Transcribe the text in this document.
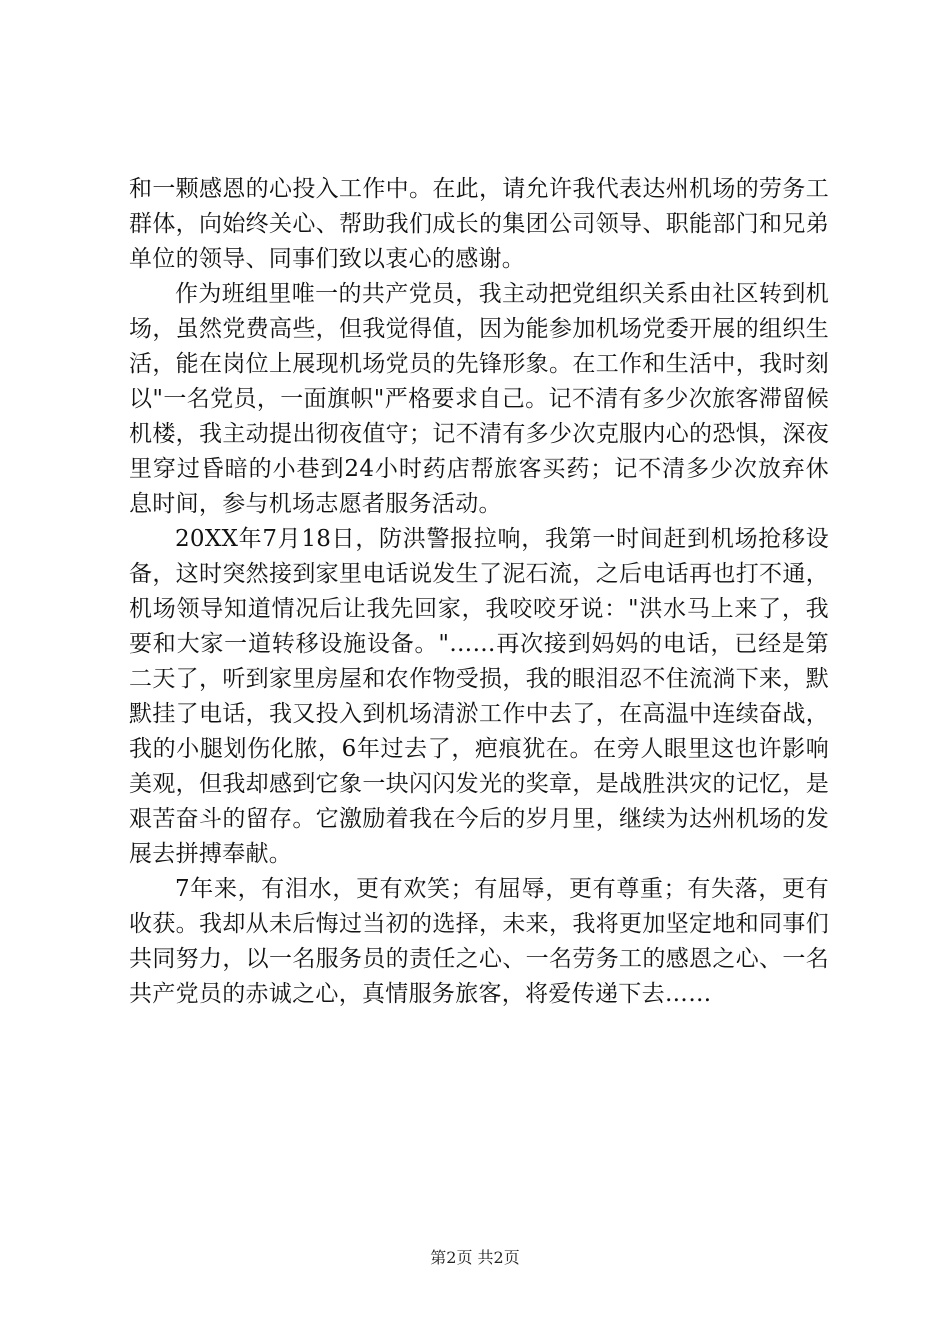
和一颗感恩的心投入工作中。在此，请允许我代表达州机场的劳务工群体，向始终关心、帮助我们成长的集团公司领导、职能部门和兄弟单位的领导、同事们致以衷心的感谢。

作为班组里唯一的共产党员，我主动把党组织关系由社区转到机场，虽然党费高些，但我觉得值，因为能参加机场党委开展的组织生活，能在岗位上展现机场党员的先锋形象。在工作和生活中，我时刻以"一名党员，一面旗帜"严格要求自己。记不清有多少次旅客滞留候机楼，我主动提出彻夜值守；记不清有多少次克服内心的恐惧，深夜里穿过昏暗的小巷到24小时药店帮旅客买药；记不清多少次放弃休息时间，参与机场志愿者服务活动。

20XX年7月18日，防洪警报拉响，我第一时间赶到机场抢移设备，这时突然接到家里电话说发生了泥石流，之后电话再也打不通，机场领导知道情况后让我先回家，我咬咬牙说："洪水马上来了，我要和大家一道转移设施设备。"……再次接到妈妈的电话，已经是第二天了，听到家里房屋和农作物受损，我的眼泪忍不住流淌下来，默默挂了电话，我又投入到机场清淤工作中去了，在高温中连续奋战，我的小腿划伤化脓，6年过去了，疤痕犹在。在旁人眼里这也许影响美观，但我却感到它象一块闪闪发光的奖章，是战胜洪灾的记忆，是艰苦奋斗的留存。它激励着我在今后的岁月里，继续为达州机场的发展去拼搏奉献。

7年来，有泪水，更有欢笑；有屈辱，更有尊重；有失落，更有收获。我却从未后悔过当初的选择，未来，我将更加坚定地和同事们共同努力，以一名服务员的责任之心、一名劳务工的感恩之心、一名共产党员的赤诚之心，真情服务旅客，将爱传递下去……

第2页 共2页
